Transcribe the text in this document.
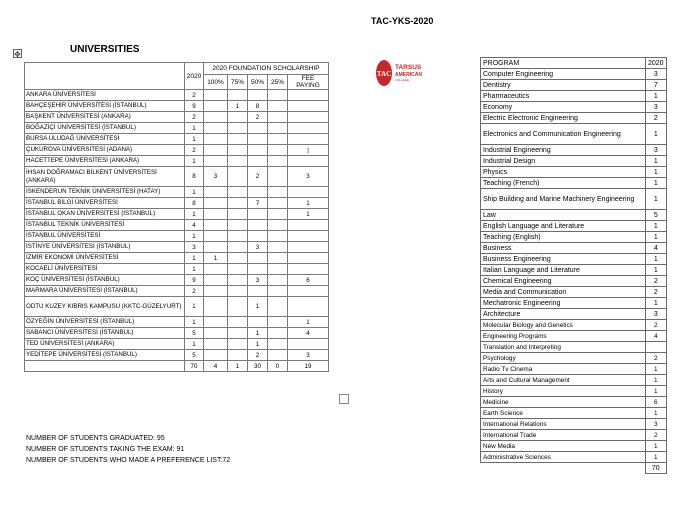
TAC-YKS-2020
✥	UNIVERSITIES
	2020	2020 FOUNDATION SCHOLARSHIP				
		100%	75%	50%	25%	FEE PAYING
ANKARA ÜNİVERSİTESİ	2					
BAHÇEŞEHİR ÜNİVERSİTESİ (İSTANBUL)	9		1	8		
BAŞKENT ÜNİVERSİTESİ (ANKARA)	2			2		
BOĞAZİÇİ ÜNİVERSİTESİ (İSTANBUL)	1					
BURSA ULUDAĞ ÜNİVERSİTESİ	1					
ÇUKUROVA ÜNİVERSİTESİ (ADANA)	2					|
HACETTEPE ÜNİVERSİTESİ (ANKARA)	1					
İHSAN DOĞRAMACI BİLKENT ÜNİVERSİTESİ (ANKARA)	8	3		2		3
İSKENDERUN TEKNİK ÜNİVERSİTESİ (HATAY)	1					
İSTANBUL BİLGİ ÜNİVERSİTESİ	8			7		1
İSTANBUL OKAN ÜNİVERSİTESİ (İSTANBUL)	1					1
İSTANBUL TEKNİK ÜNİVERSİTESİ	4					
İSTANBUL ÜNİVERSİTESİ	1					
İSTİNYE ÜNİVERSİTESİ (İSTANBUL)	3			3		
İZMİR EKONOMİ ÜNİVERSİTESİ	1	1				
KOCAELİ ÜNİVERSİTESİ	1					
KOÇ ÜNİVERSİTESİ (İSTANBUL)	9			3		6
MARMARA ÜNİVERSİTESİ (İSTANBUL)	2					
ODTU KUZEY KIBRIS KAMPUSU (KKTC-GÜZELYURT)	1			1		
ÖZYEĞİN ÜNİVERSİTESİ (İSTANBUL)	1					1
SABANCI ÜNİVERSİTESİ (İSTANBUL)	5			1		4
TED ÜNİVERSİTESİ (ANKARA)	1			1		
YEDİTEPE ÜNİVERSİTESİ (İSTANBUL)	5			2		3
	70	4	1	30	0	19
TAC
TARSUS
AMERICAN
COLLEGE
PROGRAM	2020
Computer Engineering	3
Dentistry	7
Pharmaceutics	1
Economy	3
Electric Electronic Engineering	2
Electronics and Communication Engineering	1
Industrial Engineering	3
Industrial Design	1
Physics	1
Teaching (French)	1
Ship Building and Marine Machinery Engineering	1
Law	5
English Language and Literature	1
Teaching (English)	1
Business	4
Business Engineering	1
Italian Language and Literature	1
Chemical Engineering	2
Media and Communication	2
Mechatronic Engineering	1
Architecture	3
Molecular Biology and Genetics	2
Engineering Programs	4
Translation and Interpreting	
Psychology	2
Radio Tv Cinema	1
Arts and Cultural Management	1
History	1
Medicine	6
Earth Science	1
International Relations	3
International Trade	2
New Media	1
Administrative Sciences	1
	70
NUMBER OF STUDENTS GRADUATED: 95
NUMBER OF STUDENTS TAKING THE EXAM: 91
NUMBER OF STUDENTS WHO MADE A PREFERENCE LIST:72
